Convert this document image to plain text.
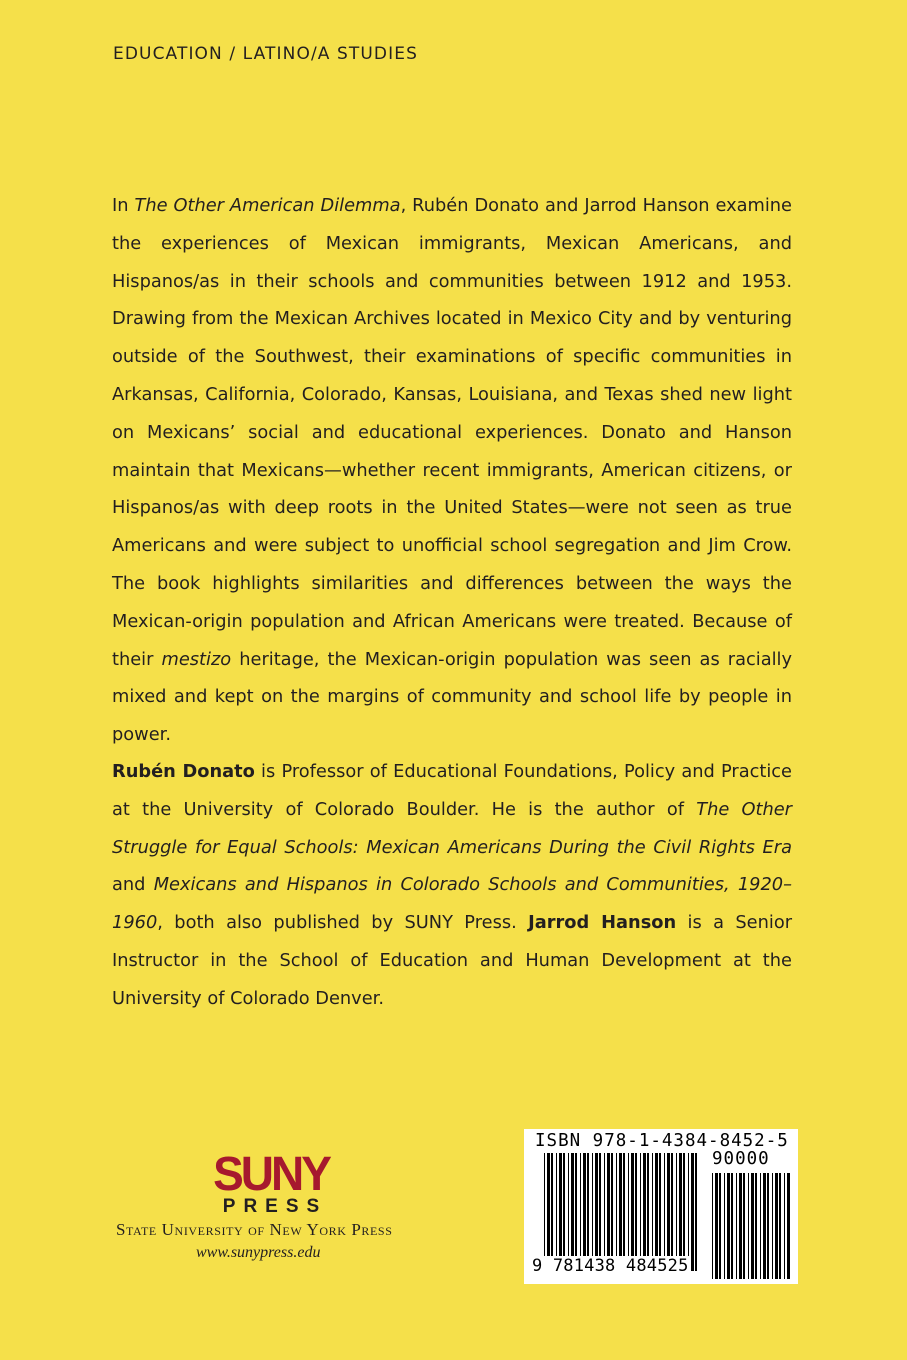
EDUCATION / LATINO/A STUDIES

In The Other American Dilemma, Rubén Donato and Jarrod Hanson examine the experiences of Mexican immigrants, Mexican Americans, and Hispanos/as in their schools and communities between 1912 and 1953. Drawing from the Mexican Archives located in Mexico City and by venturing outside of the Southwest, their examinations of specific communities in Arkansas, California, Colorado, Kansas, Louisiana, and Texas shed new light on Mexicans’ social and educational experiences. Donato and Hanson maintain that Mexicans—whether recent immigrants, American citizens, or Hispanos/as with deep roots in the United States—were not seen as true Americans and were subject to unofficial school segregation and Jim Crow. The book highlights similarities and differences between the ways the Mexican-origin population and African Americans were treated. Because of their mestizo heritage, the Mexican-origin population was seen as racially mixed and kept on the margins of community and school life by people in power.

Rubén Donato is Professor of Educational Foundations, Policy and Practice at the University of Colorado Boulder. He is the author of The Other Struggle for Equal Schools: Mexican Americans During the Civil Rights Era and Mexicans and Hispanos in Colorado Schools and Communities, 1920–1960, both also published by SUNY Press. Jarrod Hanson is a Senior Instructor in the School of Education and Human Development at the University of Colorado Denver.

SUNY
PRESS
State University of New York Press
www.sunypress.edu
ISBN 978-1-4384-8452-5
90000
9 781438 484525
